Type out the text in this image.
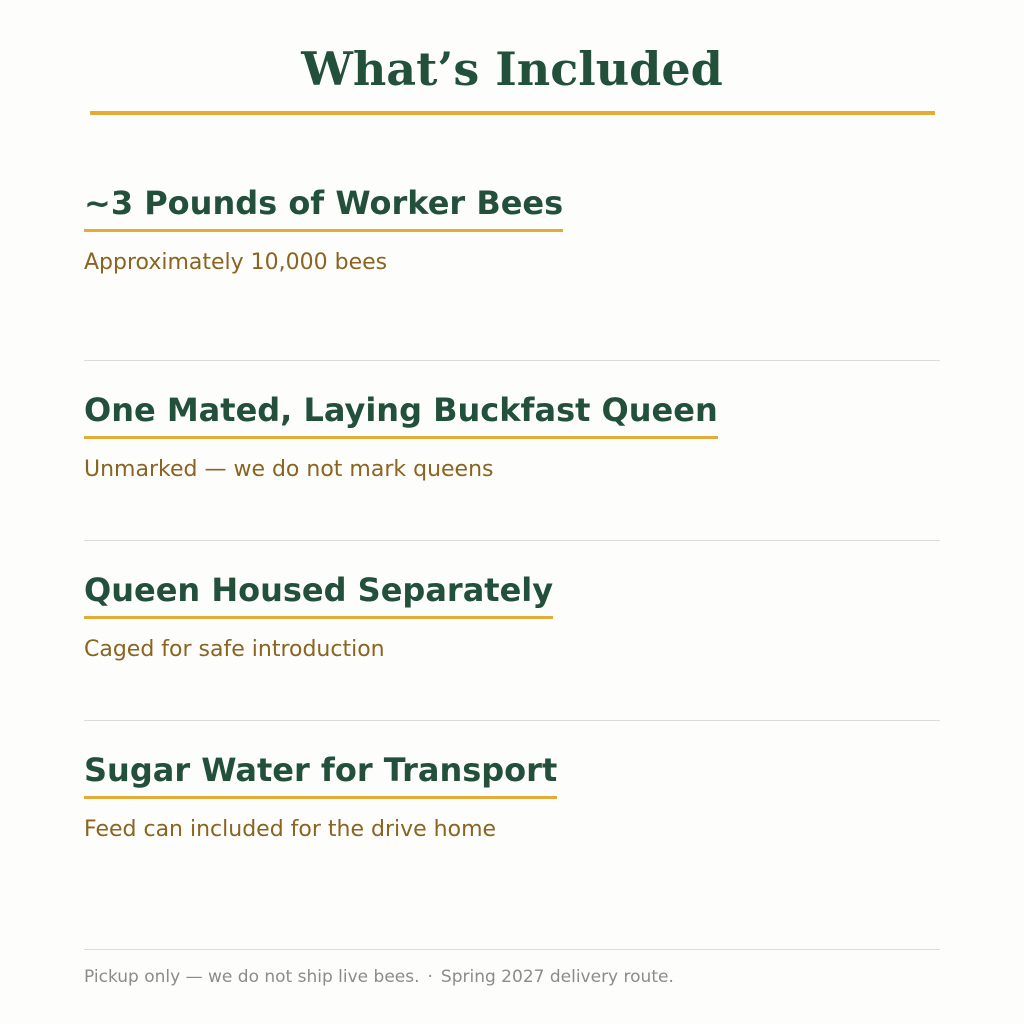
What’s Included
~3 Pounds of Worker Bees

Approximately 10,000 bees

One Mated, Laying Buckfast Queen

Unmarked — we do not mark queens

Queen Housed Separately

Caged for safe introduction

Sugar Water for Transport

Feed can included for the drive home

Pickup only — we do not ship live bees. · Spring 2027 delivery route.
